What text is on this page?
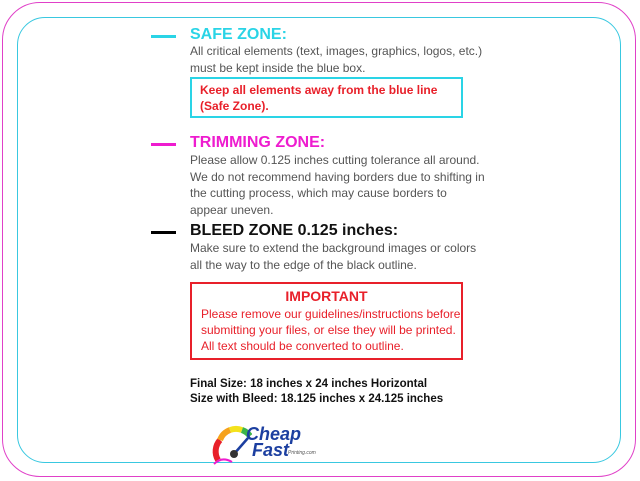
SAFE ZONE:
All critical elements (text, images, graphics, logos, etc.)
must be kept inside the blue box.
Keep all elements away from the blue line
(Safe Zone).
TRIMMING ZONE:
Please allow 0.125 inches cutting tolerance all around.
We do not recommend having borders due to shifting in
the cutting process, which may cause borders to
appear uneven.
BLEED ZONE 0.125 inches:
Make sure to extend the background images or colors
all the way to the edge of the black outline.
IMPORTANT
Please remove our guidelines/instructions before
submitting your files, or else they will be printed.
All text should be converted to outline.
Final Size: 18 inches x 24 inches Horizontal
Size with Bleed: 18.125 inches x 24.125 inches
Cheap
Fast
Printing.com
